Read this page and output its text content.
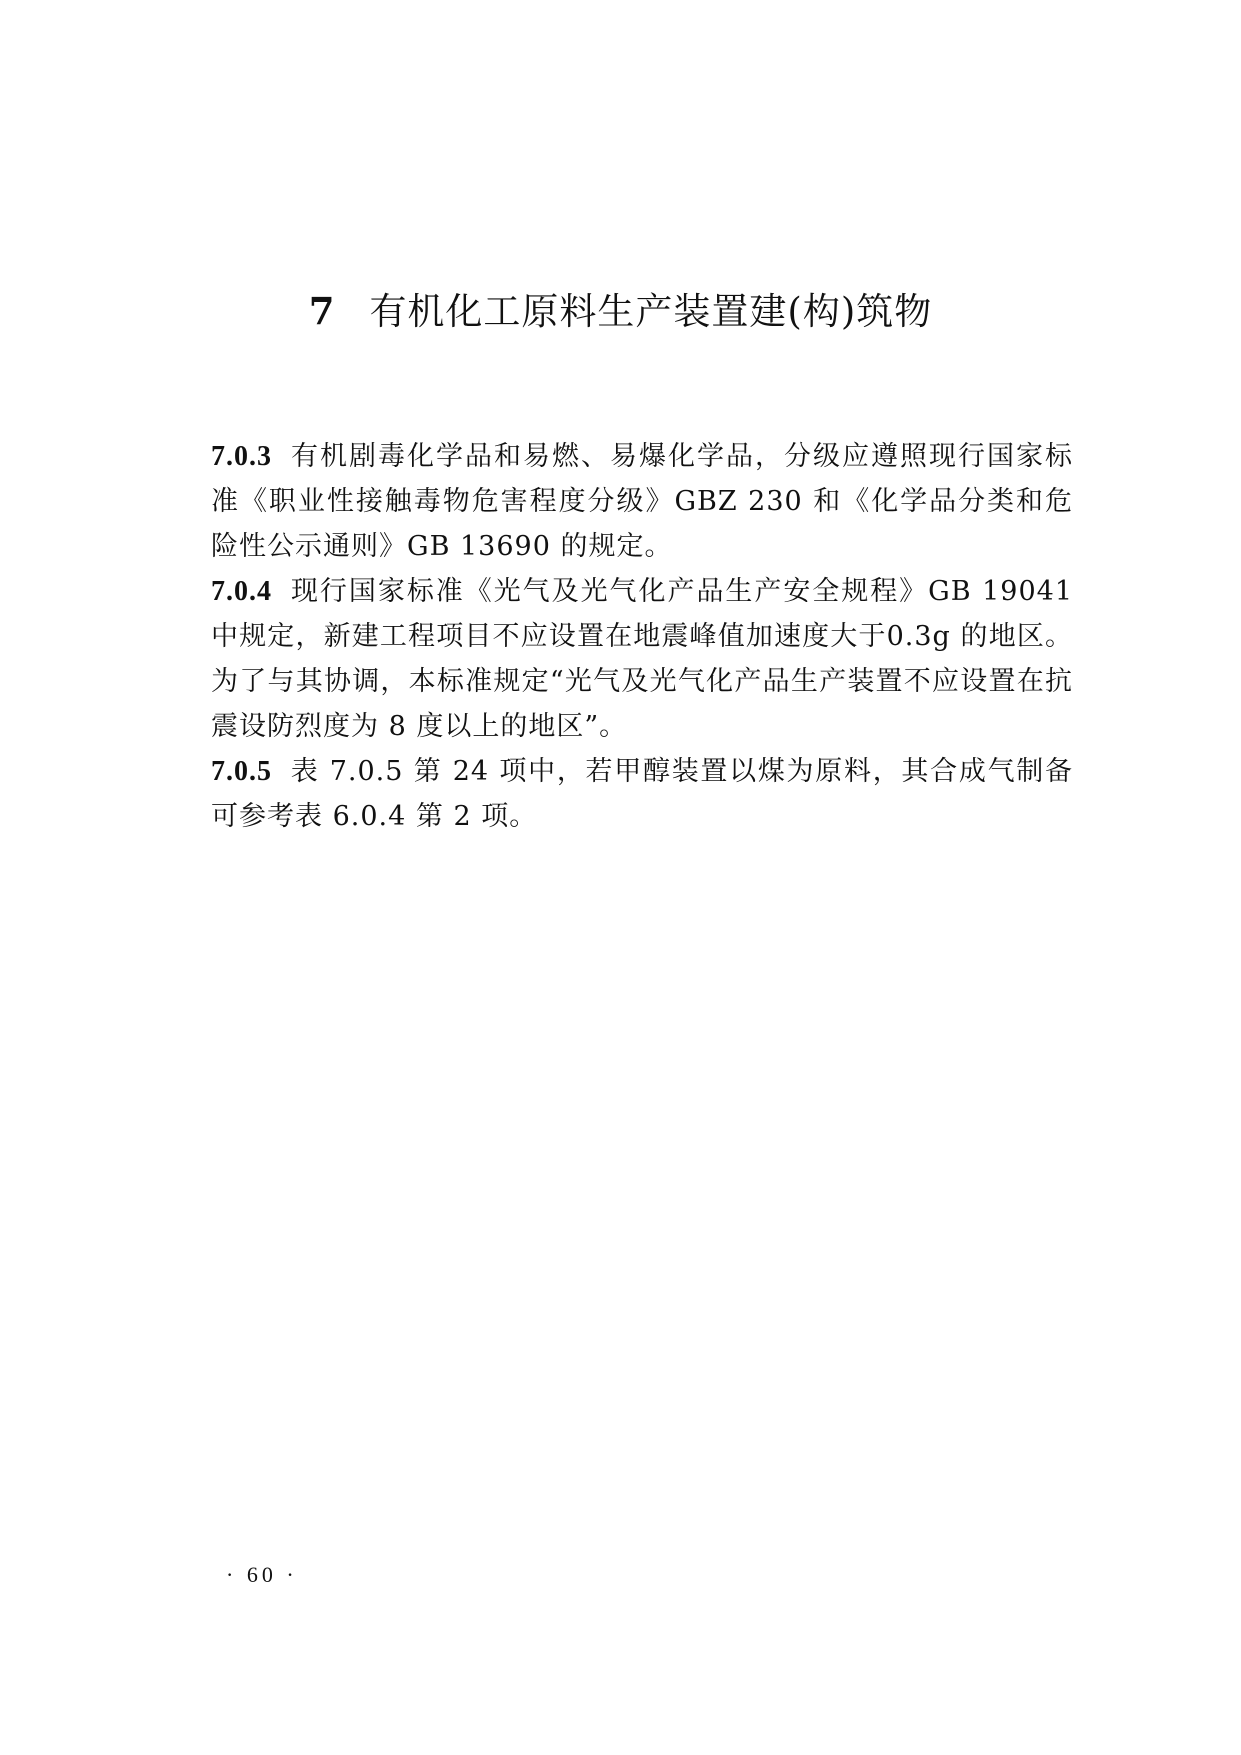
7 有机化工原料生产装置建(构)筑物

7.0.3 有机剧毒化学品和易燃、易爆化学品，分级应遵照现行国家标准《职业性接触毒物危害程度分级》GBZ 230 和《化学品分类和危险性公示通则》GB 13690 的规定。

7.0.4 现行国家标准《光气及光气化产品生产安全规程》GB 19041中规定，新建工程项目不应设置在地震峰值加速度大于0.3g 的地区。为了与其协调，本标准规定“光气及光气化产品生产装置不应设置在抗震设防烈度为 8 度以上的地区”。

7.0.5 表 7.0.5 第 24 项中，若甲醇装置以煤为原料，其合成气制备可参考表 6.0.4 第 2 项。

· 60 ·
